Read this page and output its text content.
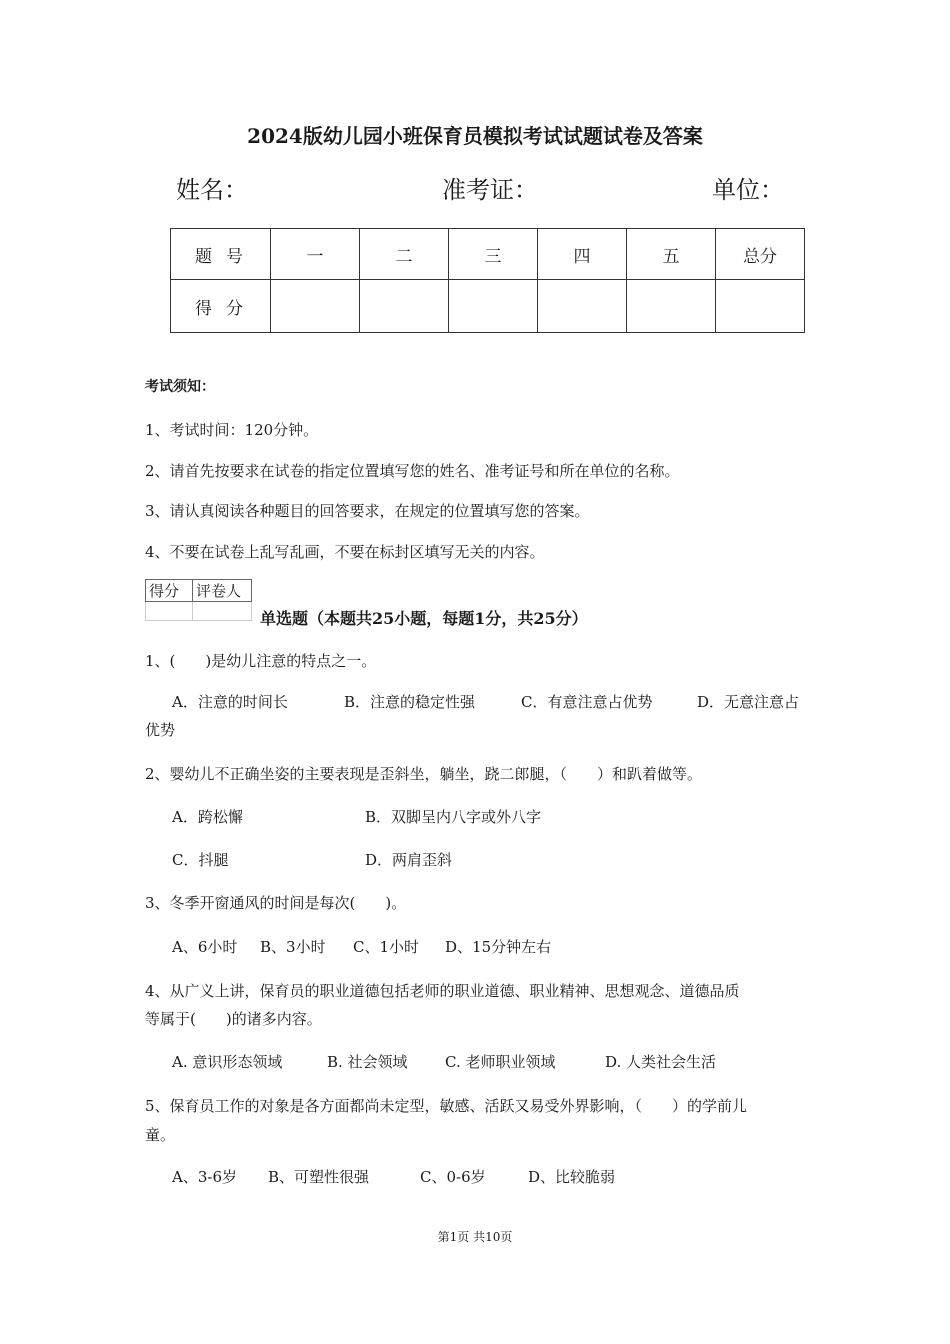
2024版幼儿园小班保育员模拟考试试题试卷及答案
姓名：	准考证：	单位：
题号	一	二	三	四	五	总分
得分						
考试须知：
1、考试时间：120分钟。
2、请首先按要求在试卷的指定位置填写您的姓名、准考证号和所在单位的名称。
3、请认真阅读各种题目的回答要求，在规定的位置填写您的答案。
4、不要在试卷上乱写乱画，不要在标封区填写无关的内容。
得分	评卷人

单选题（本题共25小题，每题1分，共25分）
1、(　　)是幼儿注意的特点之一。
A．注意的时间长	B．注意的稳定性强	C．有意注意占优势	D．无意注意占
优势
2、婴幼儿不正确坐姿的主要表现是歪斜坐，躺坐，跷二郎腿，（　　）和趴着做等。
A．跨松懈	B．双脚呈内八字或外八字
C．抖腿	D．两肩歪斜
3、冬季开窗通风的时间是每次(　　)。
A、6小时 B、3小时 C、1小时 D、15分钟左右
4、从广义上讲，保育员的职业道德包括老师的职业道德、职业精神、思想观念、道德品质
等属于(　　)的诸多内容。
A. 意识形态领域	B. 社会领域 C. 老师职业领域	D. 人类社会生活
5、保育员工作的对象是各方面都尚未定型，敏感、活跃又易受外界影响，（　　）的学前儿
童。
A、3-6岁 B、可塑性很强	C、0-6岁	D、比较脆弱
第1页 共10页
